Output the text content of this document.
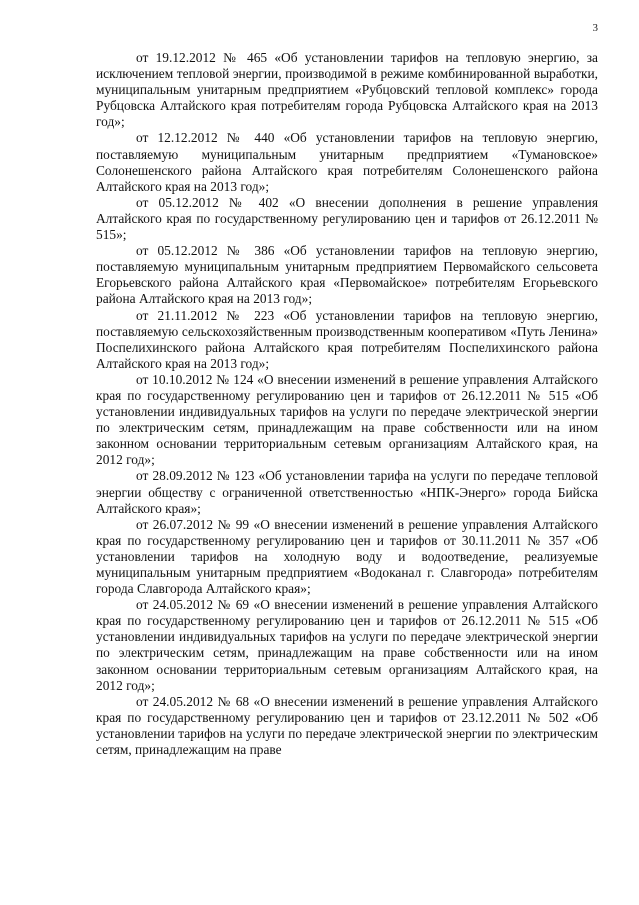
3

от 19.12.2012 № 465 «Об установлении тарифов на тепловую энергию, за исключением тепловой энергии, производимой в режиме комбинированной выработки, муниципальным унитарным предприятием «Рубцовский тепловой комплекс» города Рубцовска Алтайского края потребителям города Рубцовска Алтайского края на 2013 год»;

от 12.12.2012 № 440 «Об установлении тарифов на тепловую энергию, поставляемую муниципальным унитарным предприятием «Тумановское» Солонешенского района Алтайского края потребителям Солонешенского района Алтайского края на 2013 год»;

от 05.12.2012 № 402 «О внесении дополнения в решение управления Алтайского края по государственному регулированию цен и тарифов от 26.12.2011 № 515»;

от 05.12.2012 № 386 «Об установлении тарифов на тепловую энергию, поставляемую муниципальным унитарным предприятием Первомайского сельсовета Егорьевского района Алтайского края «Первомайское» потребителям Егорьевского района Алтайского края на 2013 год»;

от 21.11.2012 № 223 «Об установлении тарифов на тепловую энергию, поставляемую сельскохозяйственным производственным кооперативом «Путь Ленина» Поспелихинского района Алтайского края потребителям Поспелихинского района Алтайского края на 2013 год»;

от 10.10.2012 № 124 «О внесении изменений в решение управления Алтайского края по государственному регулированию цен и тарифов от 26.12.2011 № 515 «Об установлении индивидуальных тарифов на услуги по передаче электрической энергии по электрическим сетям, принадлежащим на праве собственности или на ином законном основании территориальным сетевым организациям Алтайского края, на 2012 год»;

от 28.09.2012 № 123 «Об установлении тарифа на услуги по передаче тепловой энергии обществу с ограниченной ответственностью «НПК-Энерго» города Бийска Алтайского края»;

от 26.07.2012 № 99 «О внесении изменений в решение управления Алтайского края по государственному регулированию цен и тарифов от 30.11.2011 № 357 «Об установлении тарифов на холодную воду и водоотведение, реализуемые муниципальным унитарным предприятием «Водоканал г. Славгорода» потребителям города Славгорода Алтайского края»;

от 24.05.2012 № 69 «О внесении изменений в решение управления Алтайского края по государственному регулированию цен и тарифов от 26.12.2011 № 515 «Об установлении индивидуальных тарифов на услуги по передаче электрической энергии по электрическим сетям, принадлежащим на праве собственности или на ином законном основании территориальным сетевым организациям Алтайского края, на 2012 год»;

от 24.05.2012 № 68 «О внесении изменений в решение управления Алтайского края по государственному регулированию цен и тарифов от 23.12.2011 № 502 «Об установлении тарифов на услуги по передаче электрической энергии по электрическим сетям, принадлежащим на праве
